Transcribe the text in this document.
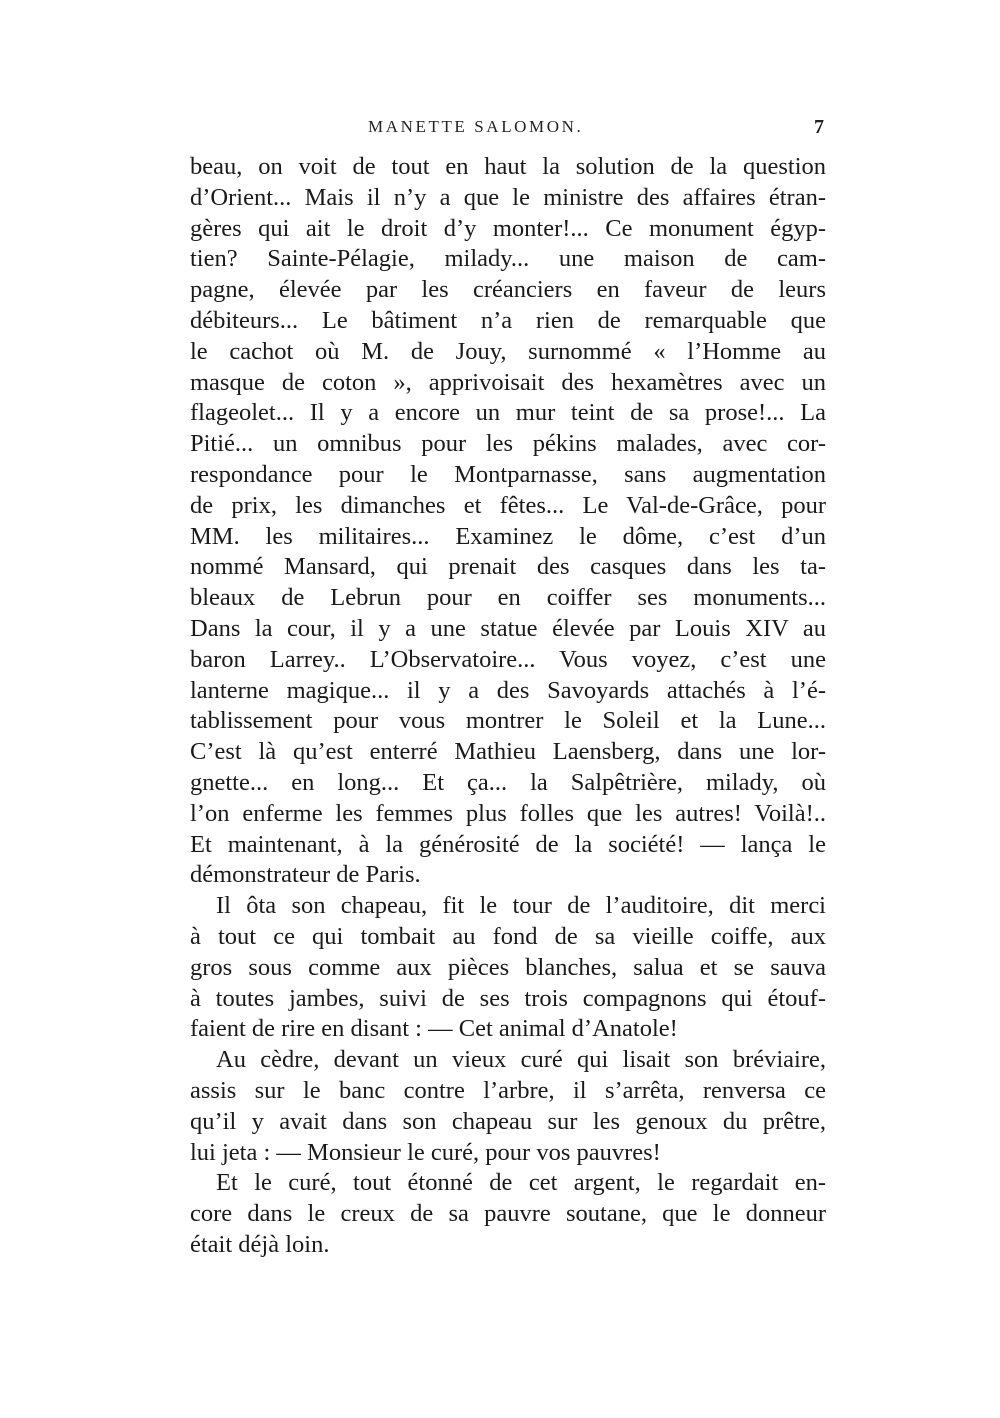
MANETTE SALOMON.	7
beau, on voit de tout en haut la solution de la question
d’Orient... Mais il n’y a que le ministre des affaires étran-
gères qui ait le droit d’y monter!... Ce monument égyp-
tien? Sainte-Pélagie, milady... une maison de cam-
pagne, élevée par les créanciers en faveur de leurs
débiteurs... Le bâtiment n’a rien de remarquable que
le cachot où M. de Jouy, surnommé « l’Homme au
masque de coton », apprivoisait des hexamètres avec un
flageolet... Il y a encore un mur teint de sa prose!... La
Pitié... un omnibus pour les pékins malades, avec cor-
respondance pour le Montparnasse, sans augmentation
de prix, les dimanches et fêtes... Le Val-de-Grâce, pour
MM. les militaires... Examinez le dôme, c’est d’un
nommé Mansard, qui prenait des casques dans les ta-
bleaux de Lebrun pour en coiffer ses monuments...
Dans la cour, il y a une statue élevée par Louis XIV au
baron Larrey.. L’Observatoire... Vous voyez, c’est une
lanterne magique... il y a des Savoyards attachés à l’é-
tablissement pour vous montrer le Soleil et la Lune...
C’est là qu’est enterré Mathieu Laensberg, dans une lor-
gnette... en long... Et ça... la Salpêtrière, milady, où
l’on enferme les femmes plus folles que les autres! Voilà!..
Et maintenant, à la générosité de la société! — lança le
démonstrateur de Paris.
Il ôta son chapeau, fit le tour de l’auditoire, dit merci
à tout ce qui tombait au fond de sa vieille coiffe, aux
gros sous comme aux pièces blanches, salua et se sauva
à toutes jambes, suivi de ses trois compagnons qui étouf-
faient de rire en disant : — Cet animal d’Anatole!
Au cèdre, devant un vieux curé qui lisait son bréviaire,
assis sur le banc contre l’arbre, il s’arrêta, renversa ce
qu’il y avait dans son chapeau sur les genoux du prêtre,
lui jeta : — Monsieur le curé, pour vos pauvres!
Et le curé, tout étonné de cet argent, le regardait en-
core dans le creux de sa pauvre soutane, que le donneur
était déjà loin.
